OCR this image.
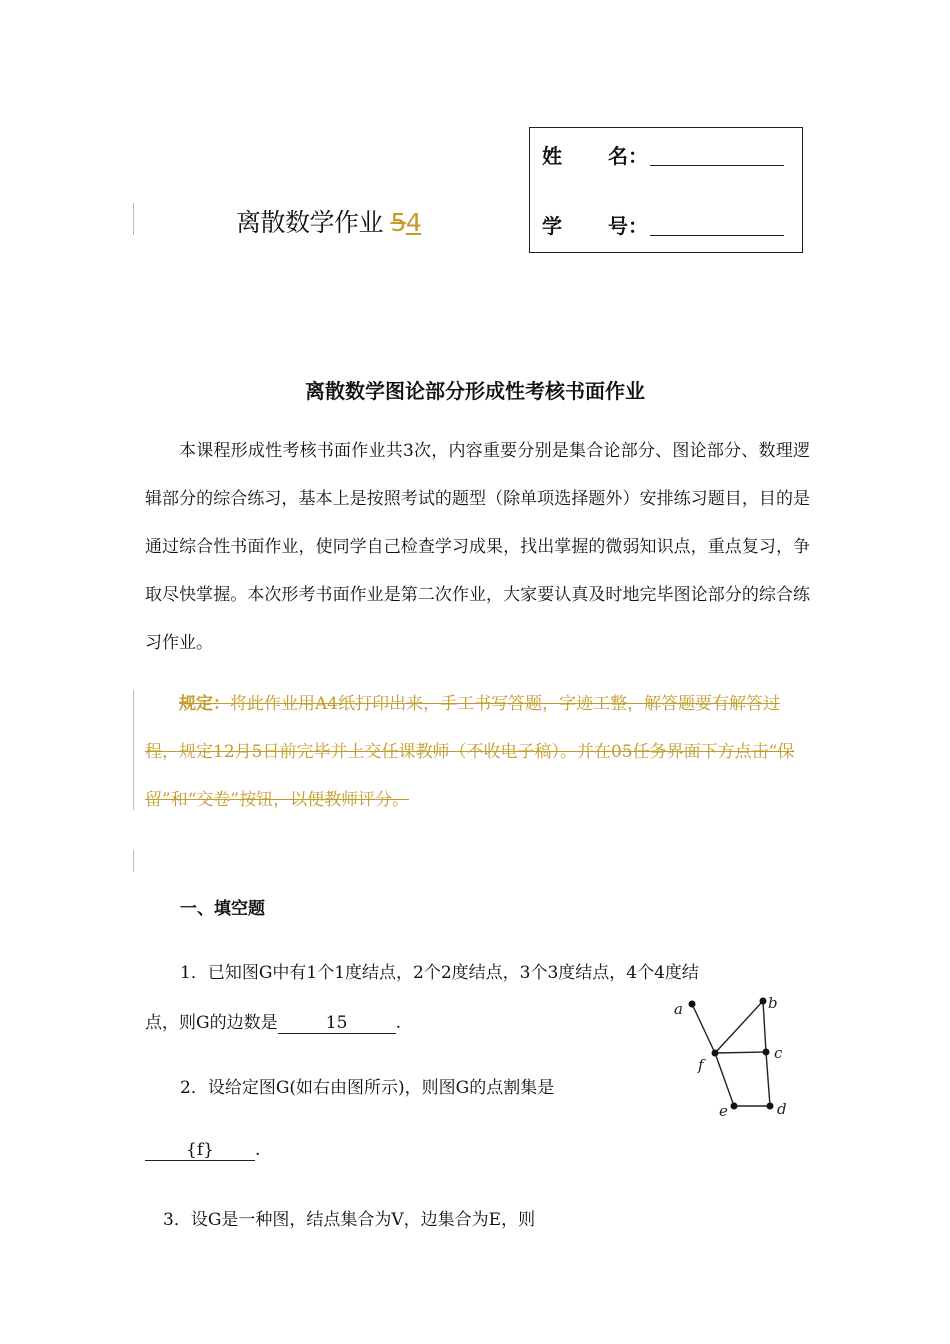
离散数学作业 54
姓 名：
学 号：
离散数学图论部分形成性考核书面作业
本课程形成性考核书面作业共3次，内容重要分别是集合论部分、图论部分、数理逻辑部分的综合练习，基本上是按照考试的题型（除单项选择题外）安排练习题目，目的是通过综合性书面作业，使同学自己检查学习成果，找出掌握的微弱知识点，重点复习，争取尽快掌握。本次形考书面作业是第二次作业，大家要认真及时地完毕图论部分的综合练习作业。
规定：将此作业用A4纸打印出来，手工书写答题，字迹工整，解答题要有解答过程，规定12月5日前完毕并上交任课教师（不收电子稿）。并在05任务界面下方点击“保留”和“交卷”按钮，以便教师评分。
一、填空题
1．已知图G中有1个1度结点，2个2度结点，3个3度结点，4个4度结
点，则G的边数是	15	.
2．设给定图G(如右由图所示)，则图G的点割集是
{f} .
3．设G是一种图，结点集合为V，边集合为E，则
a	b
c
d
e
f
